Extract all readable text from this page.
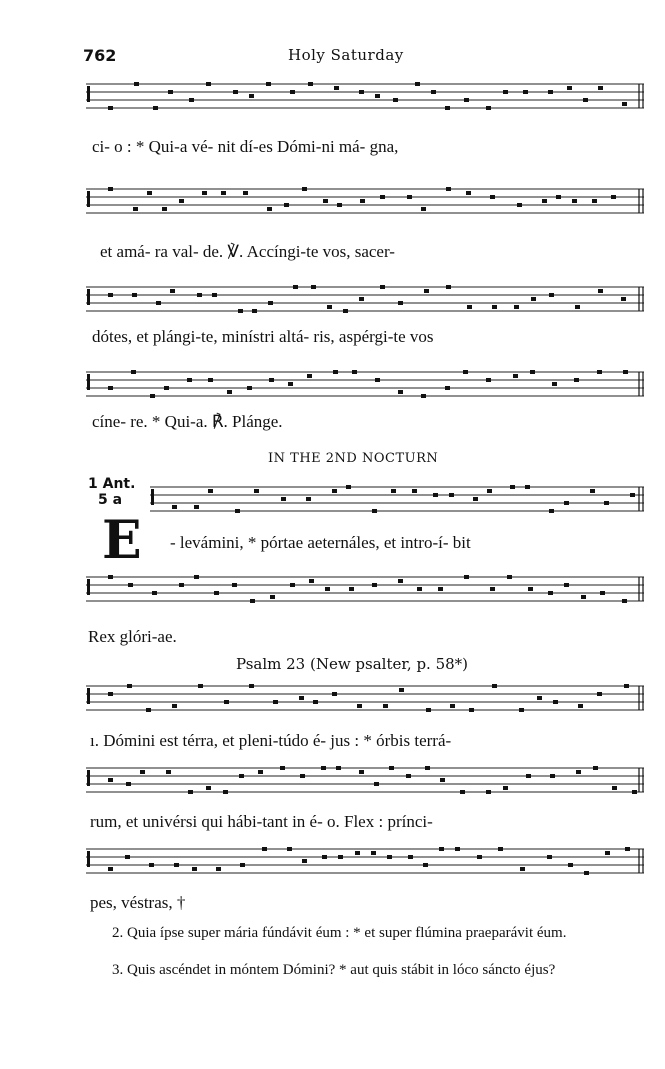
762	Holy Saturday
ci- o : * Qui-a vé- nit dí-es Dómi-ni má- gna,
et amá- ra val- de. ℣. Accíngi-te vos, sacer-
dótes, et plángi-te, minístri altá- ris, aspérgi-te vos
cíne- re. * Qui-a. ℟. Plánge.
IN THE 2ND NOCTURN
1 Ant.
5 a
E - levámini, * pórtae aeternáles, et intro-í- bit
Rex glóri-ae.
Psalm 23 (New psalter, p. 58*)
ı. Dómini est térra, et pleni-túdo é- jus : * órbis terrá-
rum, et univérsi qui hábi-tant in é- o. Flex : prínci-
pes, véstras, †
2. Quia ípse super mária fúndávit éum : * et super flúmina praeparávit éum.
3. Quis ascéndet in móntem Dómini? * aut quis stábit in lóco sáncto éjus?
